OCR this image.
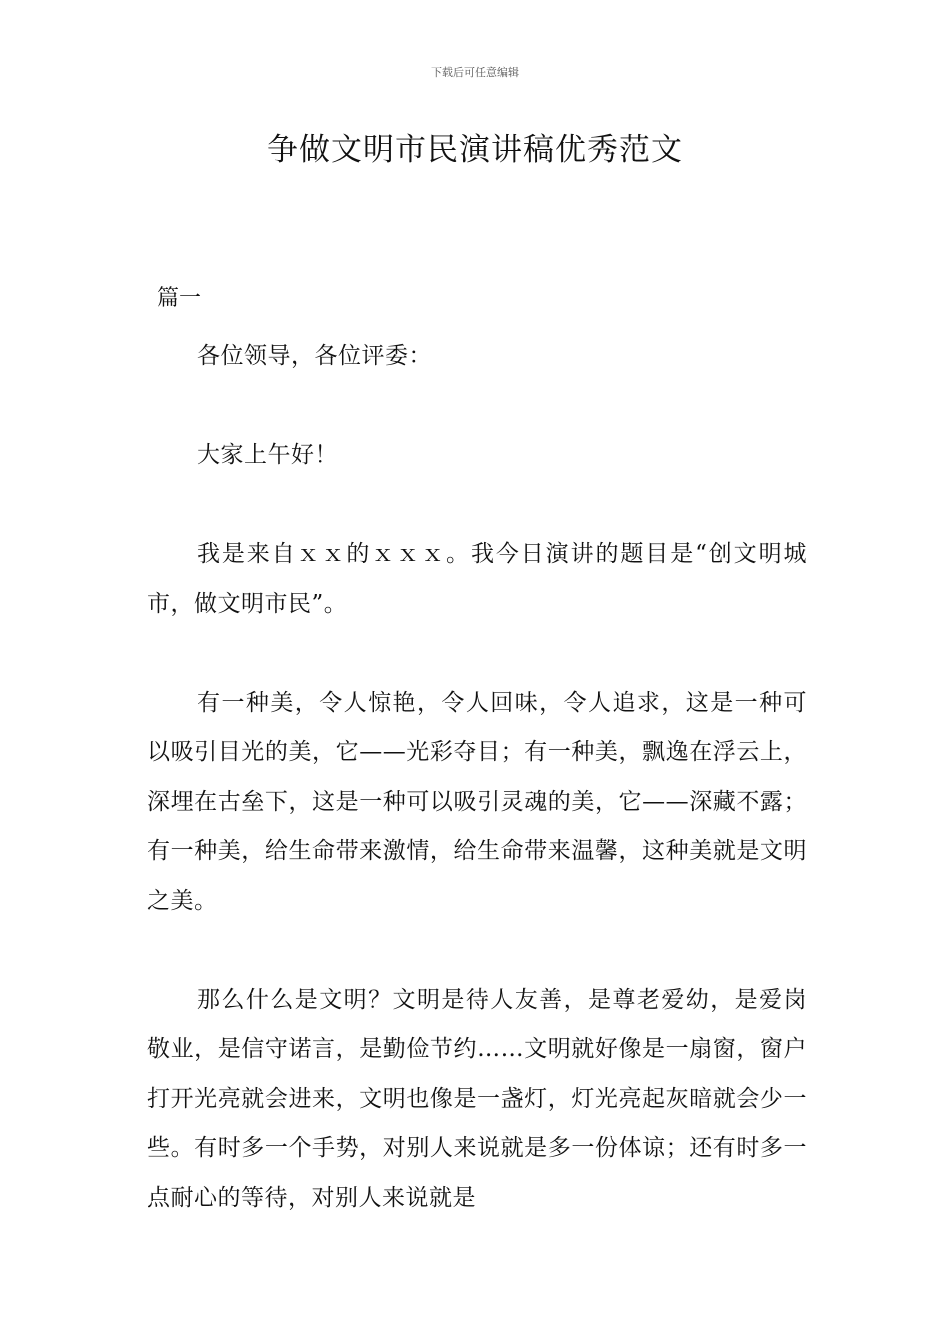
下载后可任意编辑
争做文明市民演讲稿优秀范文
篇一

各位领导，各位评委：

大家上午好！

我是来自ｘｘ的ｘｘｘ。我今日演讲的题目是“创文明城市，做文明市民”。

有一种美，令人惊艳，令人回味，令人追求，这是一种可以吸引目光的美，它——光彩夺目；有一种美，飘逸在浮云上，深埋在古垒下，这是一种可以吸引灵魂的美，它——深藏不露；有一种美，给生命带来激情，给生命带来温馨，这种美就是文明之美。

那么什么是文明？文明是待人友善，是尊老爱幼，是爱岗敬业，是信守诺言，是勤俭节约……文明就好像是一扇窗，窗户打开光亮就会进来，文明也像是一盏灯，灯光亮起灰暗就会少一些。有时多一个手势，对别人来说就是多一份体谅；还有时多一点耐心的等待，对别人来说就是
